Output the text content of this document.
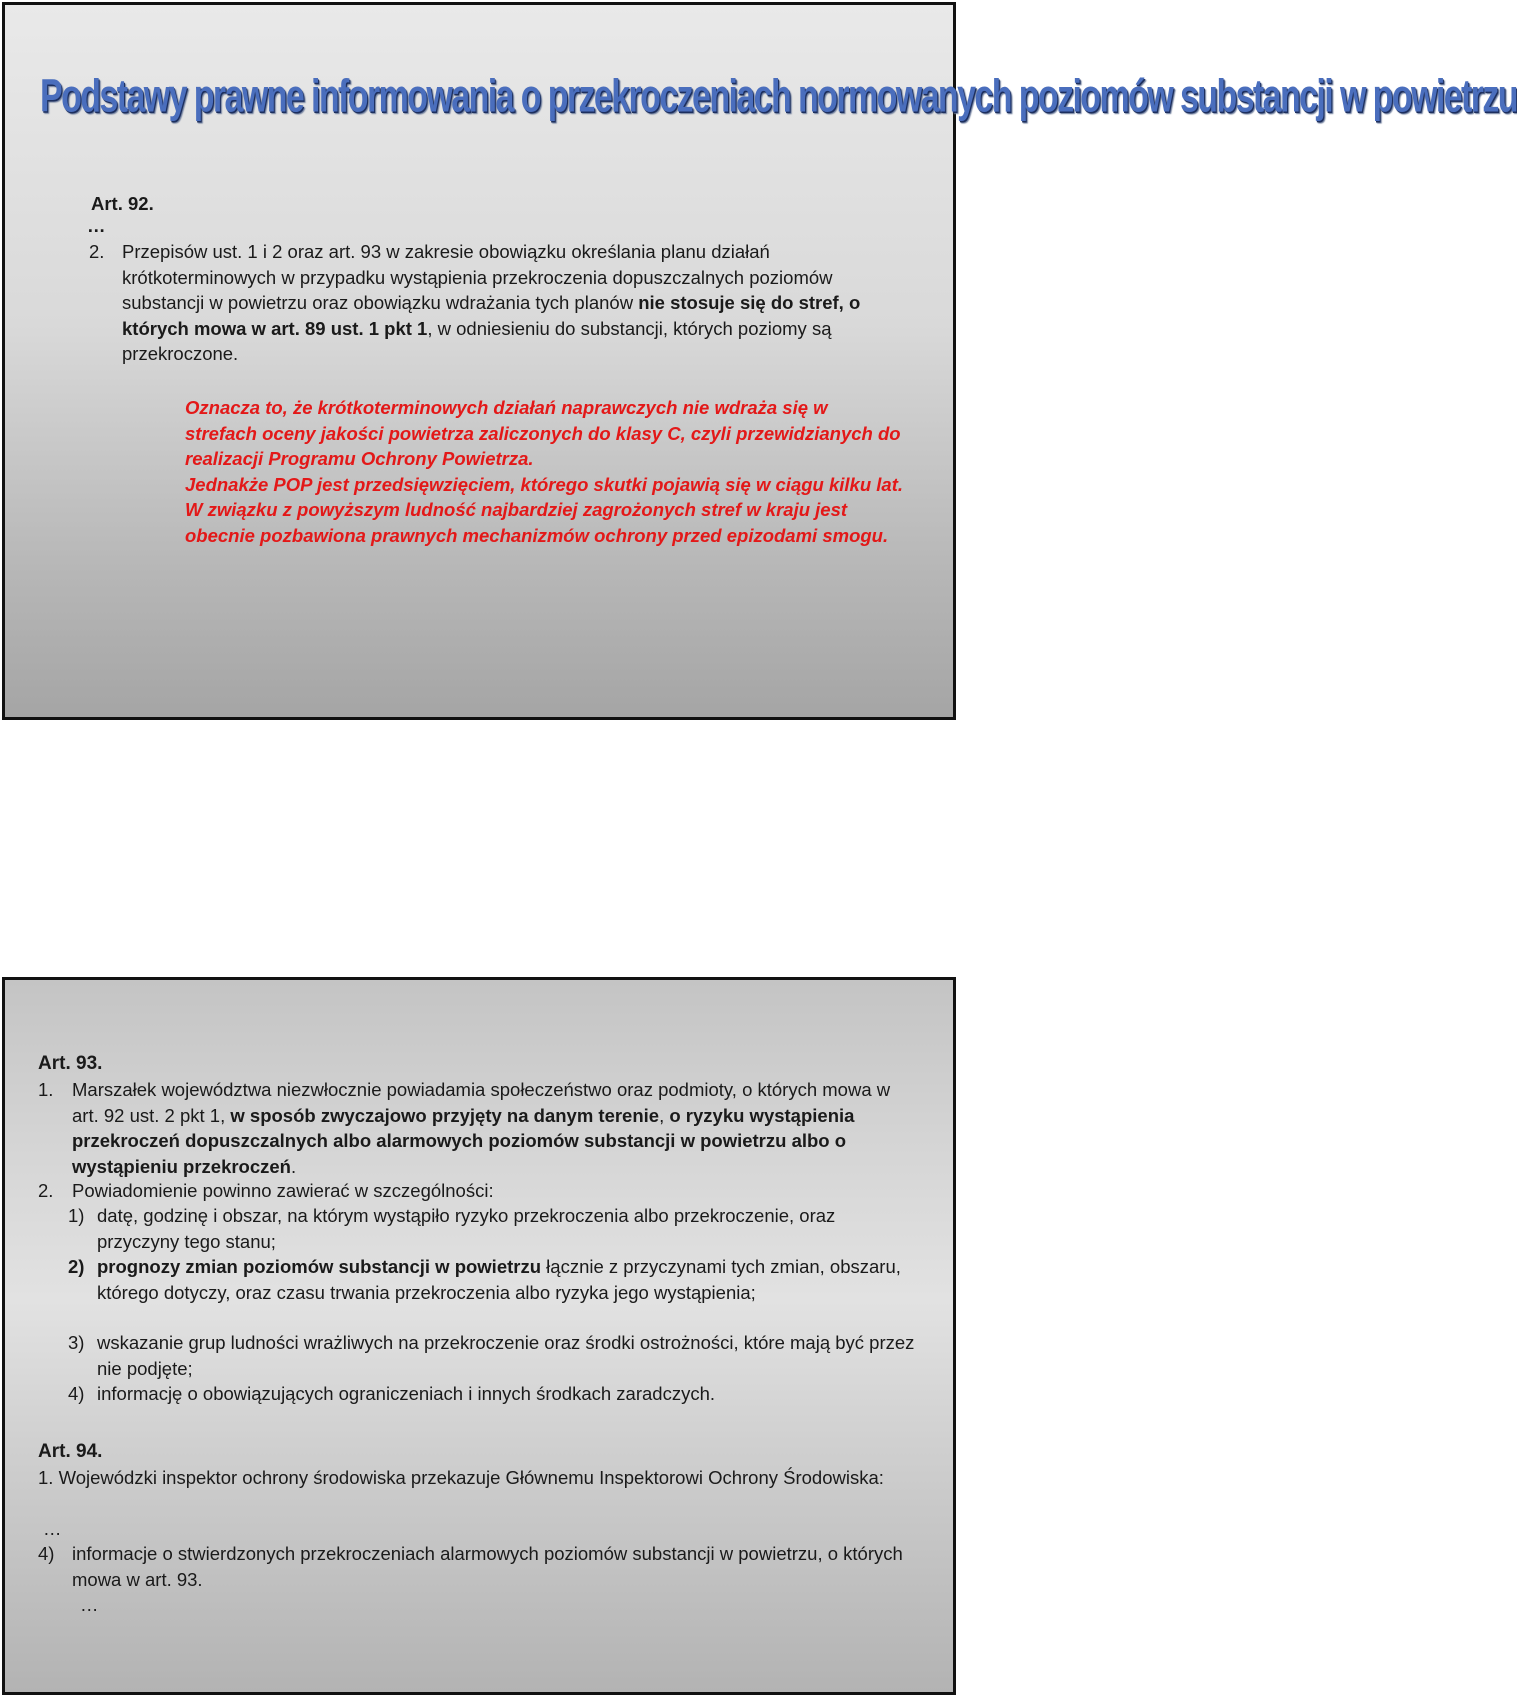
Podstawy prawne informowania o przekroczeniach normowanych poziomów substancji w powietrzu
Art. 92.
…
2. Przepisów ust. 1 i 2 oraz art. 93 w zakresie obowiązku określania planu działań krótkoterminowych w przypadku wystąpienia przekroczenia dopuszczalnych poziomów substancji w powietrzu oraz obowiązku wdrażania tych planów nie stosuje się do stref, o których mowa w art. 89 ust. 1 pkt 1, w odniesieniu do substancji, których poziomy są przekroczone.
Oznacza to, że krótkoterminowych działań naprawczych nie wdraża się w strefach oceny jakości powietrza zaliczonych do klasy C, czyli przewidzianych do realizacji Programu Ochrony Powietrza.
Jednakże POP jest przedsięwzięciem, którego skutki pojawią się w ciągu kilku lat. W związku z powyższym ludność najbardziej zagrożonych stref w kraju jest obecnie pozbawiona prawnych mechanizmów ochrony przed epizodami smogu.
Art. 93.
1. Marszałek województwa niezwłocznie powiadamia społeczeństwo oraz podmioty, o których mowa w art. 92 ust. 2 pkt 1, w sposób zwyczajowo przyjęty na danym terenie, o ryzyku wystąpienia przekroczeń dopuszczalnych albo alarmowych poziomów substancji w powietrzu albo o wystąpieniu przekroczeń.
2. Powiadomienie powinno zawierać w szczególności:
1) datę, godzinę i obszar, na którym wystąpiło ryzyko przekroczenia albo przekroczenie, oraz przyczyny tego stanu;
2) prognozy zmian poziomów substancji w powietrzu łącznie z przyczynami tych zmian, obszaru, którego dotyczy, oraz czasu trwania przekroczenia albo ryzyka jego wystąpienia;
3) wskazanie grup ludności wrażliwych na przekroczenie oraz środki ostrożności, które mają być przez nie podjęte;
4) informację o obowiązujących ograniczeniach i innych środkach zaradczych.
Art. 94.
1. Wojewódzki inspektor ochrony środowiska przekazuje Głównemu Inspektorowi Ochrony Środowiska:
…
4) informacje o stwierdzonych przekroczeniach alarmowych poziomów substancji w powietrzu, o których mowa w art. 93.
…
